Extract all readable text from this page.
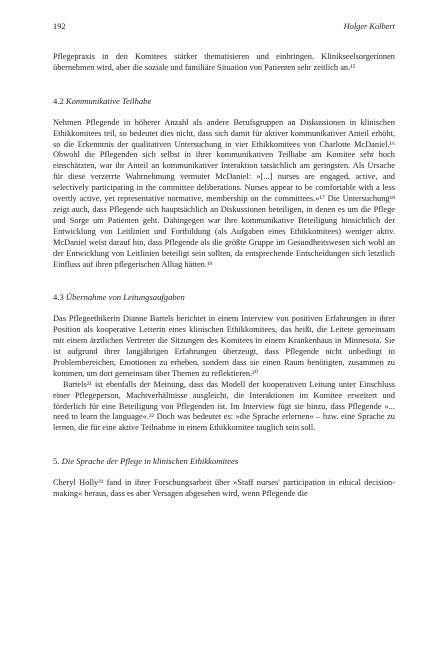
192	Holger Kolbert

Pflegepraxis in den Komitees stärker thematisieren und einbringen. Klinikseelsorgerinnen übernehmen wird, aber die soziale und familiäre Situation von Patienten sehr zeitlich an.¹⁵

4.2 Kommunikative Teilhabe

Nehmen Pflegende in höherer Anzahl als andere Berufsgruppen an Diskussionen in klinischen Ethikkomitees teil, so bedeutet dies nicht, dass sich damit für aktiver kommunikativer Anteil erhöht, so die Erkenntnis der qualitativen Untersuchung in vier Ethikkomitees von Charlotte McDaniel.¹⁶ Obwohl die Pflegenden sich selbst in ihrer kommunikativen Teilhabe am Komitee sehr hoch einschätzten, war ihr Anteil an kommunikativer Interaktion tatsächlich am geringsten. Als Ursache für diese verzerrte Wahrnehmung vermutet McDaniel: »[...] nurses are engaged, active, and selectively participating in the committee deliberations. Nurses appear to be comfortable with a less overtly active, yet representative normative, membership on the committees.«¹⁷ Die Untersuchung¹⁸ zeigt auch, dass Pflegende sich hauptsächlich an Diskussionen beteiligen, in denen es um die Pflege und Sorge um Patienten geht. Dahingegen war ihre kommunikative Beteiligung hinsichtlich der Entwicklung von Leitlinien und Fortbildung (als Aufgaben eines Ethikkomitees) weniger aktiv. McDaniel weist darauf hin, dass Pflegende als die größte Gruppe im Gesundheitswesen sich wohl an der Entwicklung von Leitlinien beteiligt sein sollten, da entsprechende Entscheidungen sich letztlich Einfluss auf ihren pflegerischen Alltag hätten.¹⁹

4.3 Übernahme von Leitungsaufgaben

Das Pflegeethikerin Dianne Bartels berichtet in einem Interview von positiven Erfahrungen in ihrer Position als kooperative Leiterin eines klinischen Ethikkomitees, das heißt, die Leitete gemeinsam mit einem ärztlichen Vertreter die Sitzungen des Komitees in einem Krankenhaus in Minnesota. Sie ist aufgrund ihrer langjährigen Erfahrungen überzeugt, dass Pflegende nicht unbedingt in Problembereichen, Emotionen zu erheben, sondern dass sie einen Raum benötigten, zusammen zu kommen, um dort gemeinsam über Themen zu reflektieren.²⁰

Bartels²¹ ist ebenfalls der Meinung, dass das Modell der kooperativen Leitung unter Einschluss einer Pflegeperson, Machtverhältnisse ausgleicht, die Interaktionen im Komitee erweitert und förderlich für eine Beteiligung von Pflegenden ist. Im Interview fügt sie hinzu, dass Pflegende »... need to learn the language«.²² Doch was bedeutet es: »die Sprache erlernen« – bzw. eine Sprache zu lernen, die für eine aktive Teilnahme in einem Ethikkomitee tauglich sein soll.

5. Die Sprache der Pflege in klinischen Ethikkomitees

Cheryl Holly²³ fand in ihrer Forschungsarbeit über »Staff nurses' participation in ethical decision-making« heraus, dass es aber Versagen abgesehen wird, wenn Pflegende die
